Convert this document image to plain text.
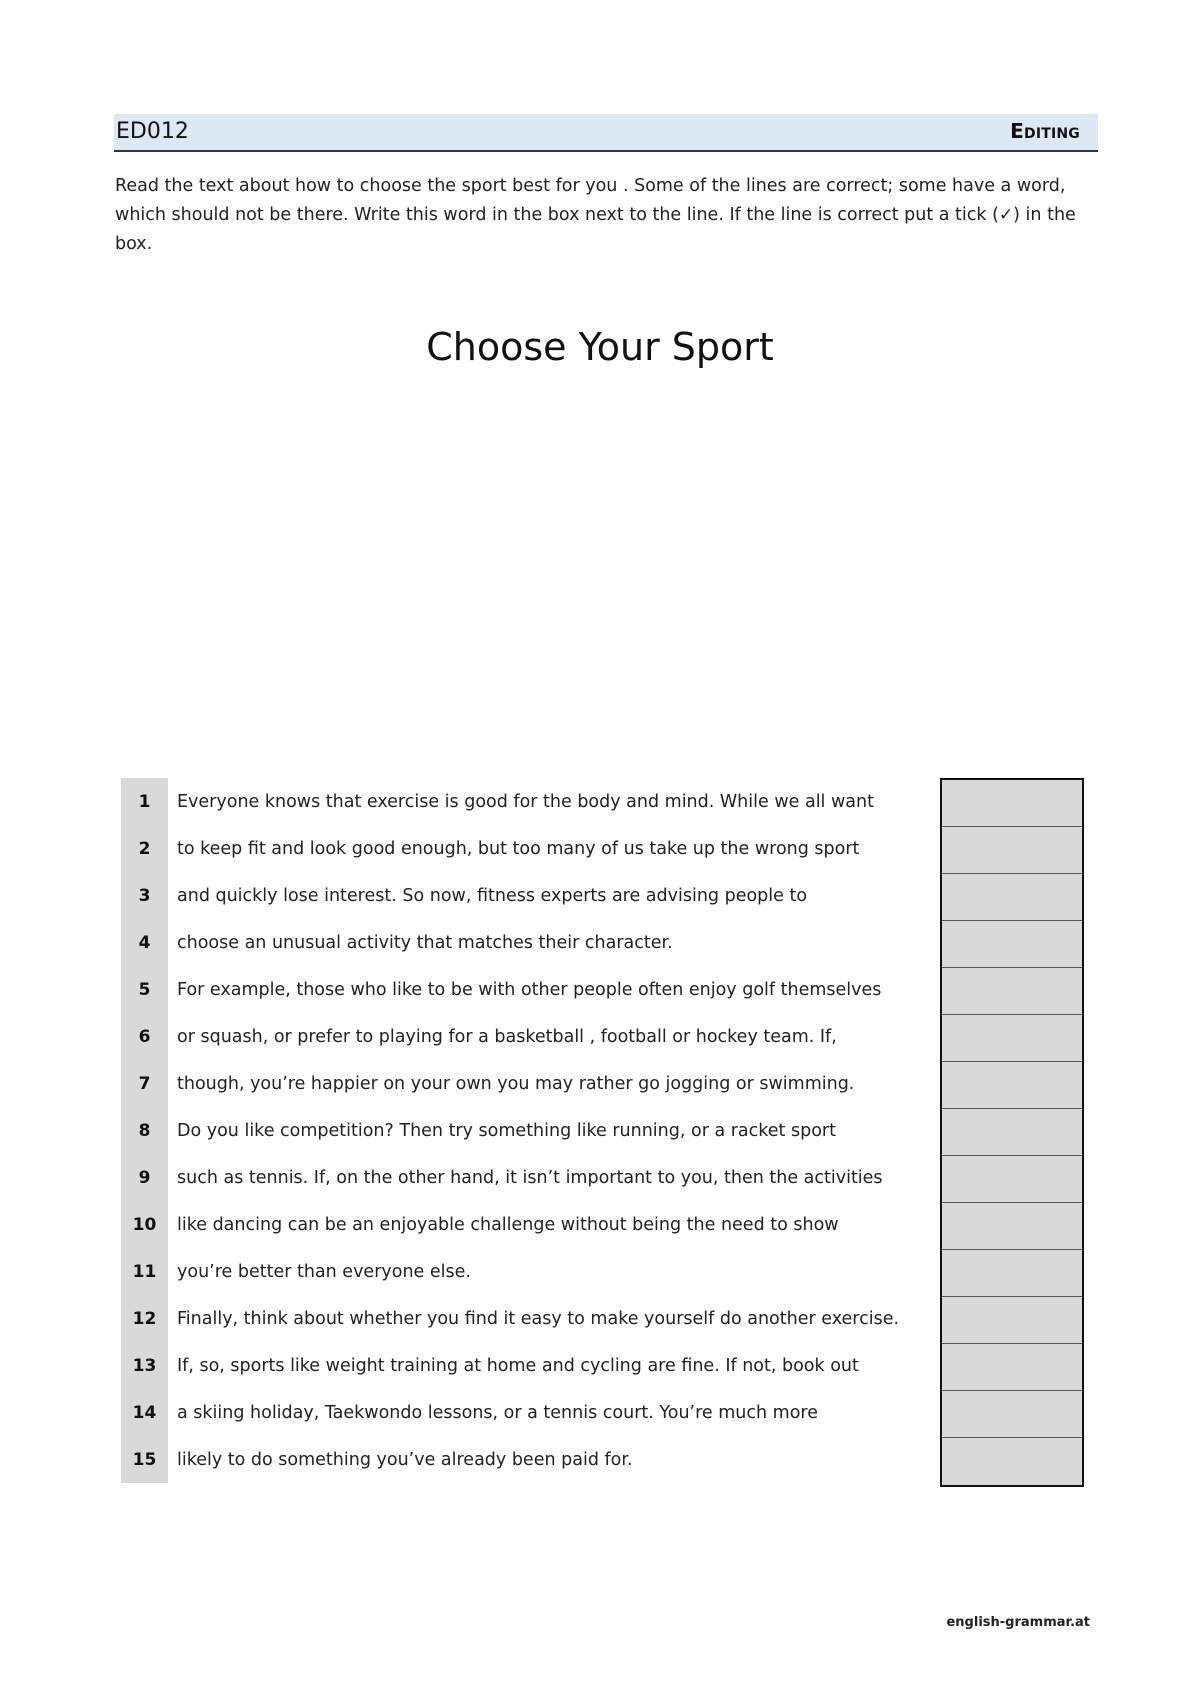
ED012	Editing

Read the text about how to choose the sport best for you . Some of the lines are correct; some have a word, which should not be there. Write this word in the box next to the line. If the line is correct put a tick (✓) in the box.

Choose Your Sport
1	Everyone knows that exercise is good for the body and mind. While we all want
2	to keep fit and look good enough, but too many of us take up the wrong sport
3	and quickly lose interest. So now, fitness experts are advising people to
4	choose an unusual activity that matches their character.
5	For example, those who like to be with other people often enjoy golf themselves
6	or squash, or prefer to playing for a basketball , football or hockey team. If,
7	though, you’re happier on your own you may rather go jogging or swimming.
8	Do you like competition? Then try something like running, or a racket sport
9	such as tennis. If, on the other hand, it isn’t important to you, then the activities
10	like dancing can be an enjoyable challenge without being the need to show
11	you’re better than everyone else.
12	Finally, think about whether you find it easy to make yourself do another exercise.
13	If, so, sports like weight training at home and cycling are fine. If not, book out
14	a skiing holiday, Taekwondo lessons, or a tennis court. You’re much more
15	likely to do something you’ve already been paid for.
english-grammar.at
